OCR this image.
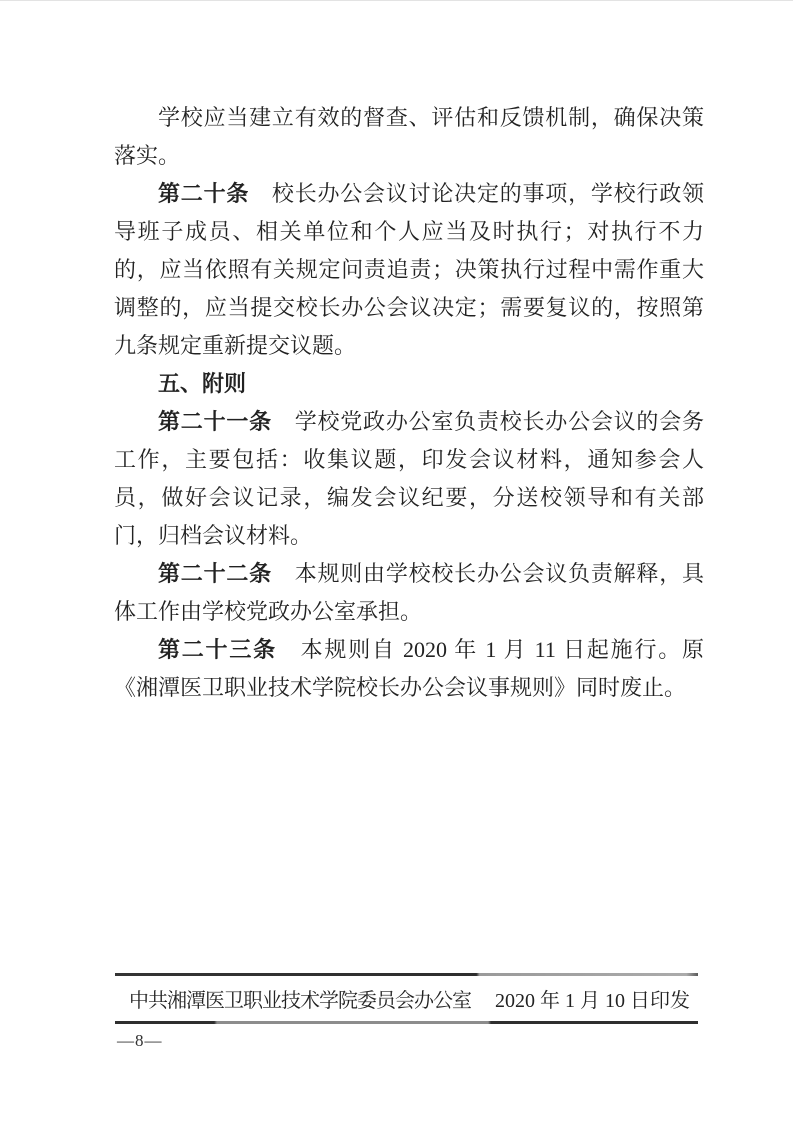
学校应当建立有效的督查、评估和反馈机制，确保决策落实。

第二十条　校长办公会议讨论决定的事项，学校行政领导班子成员、相关单位和个人应当及时执行；对执行不力的，应当依照有关规定问责追责；决策执行过程中需作重大调整的，应当提交校长办公会议决定；需要复议的，按照第九条规定重新提交议题。

五、附则

第二十一条　学校党政办公室负责校长办公会议的会务工作，主要包括：收集议题，印发会议材料，通知参会人员，做好会议记录，编发会议纪要，分送校领导和有关部门，归档会议材料。

第二十二条　本规则由学校校长办公会议负责解释，具体工作由学校党政办公室承担。

第二十三条　本规则自 2020 年 1 月 11 日起施行。原《湘潭医卫职业技术学院校长办公会议事规则》同时废止。

中共湘潭医卫职业技术学院委员会办公室 2020 年 1 月 10 日印发
—8—
